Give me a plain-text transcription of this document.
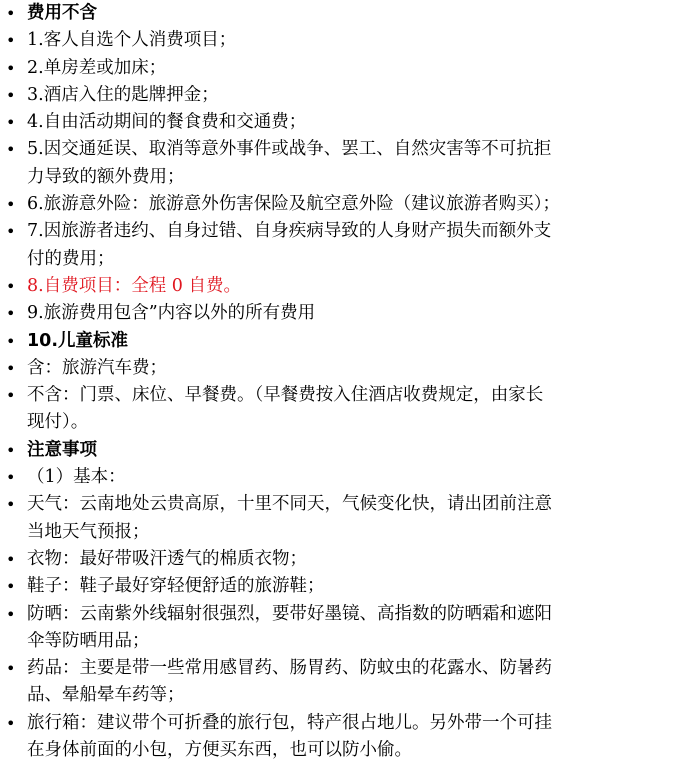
• 费用不含
• 1.客人自选个人消费项目；
• 2.单房差或加床；
• 3.酒店入住的匙牌押金；
• 4.自由活动期间的餐食费和交通费；
• 5.因交通延误、取消等意外事件或战争、罢工、自然灾害等不可抗拒
力导致的额外费用；
• 6.旅游意外险：旅游意外伤害保险及航空意外险（建议旅游者购买）；
• 7.因旅游者违约、自身过错、自身疾病导致的人身财产损失而额外支
付的费用；
• 8.自费项目：全程 0 自费。
• 9.旅游费用包含”内容以外的所有费用
• 10.儿童标准
• 含：旅游汽车费；
• 不含：门票、床位、早餐费。（早餐费按入住酒店收费规定，由家长
现付）。
• 注意事项
• （1）基本：
• 天气：云南地处云贵高原，十里不同天，气候变化快，请出团前注意
当地天气预报；
• 衣物：最好带吸汗透气的棉质衣物；
• 鞋子：鞋子最好穿轻便舒适的旅游鞋；
• 防晒：云南紫外线辐射很强烈，要带好墨镜、高指数的防晒霜和遮阳
伞等防晒用品；
• 药品：主要是带一些常用感冒药、肠胃药、防蚊虫的花露水、防暑药
品、晕船晕车药等；
• 旅行箱：建议带个可折叠的旅行包，特产很占地儿。另外带一个可挂
在身体前面的小包，方便买东西，也可以防小偷。
